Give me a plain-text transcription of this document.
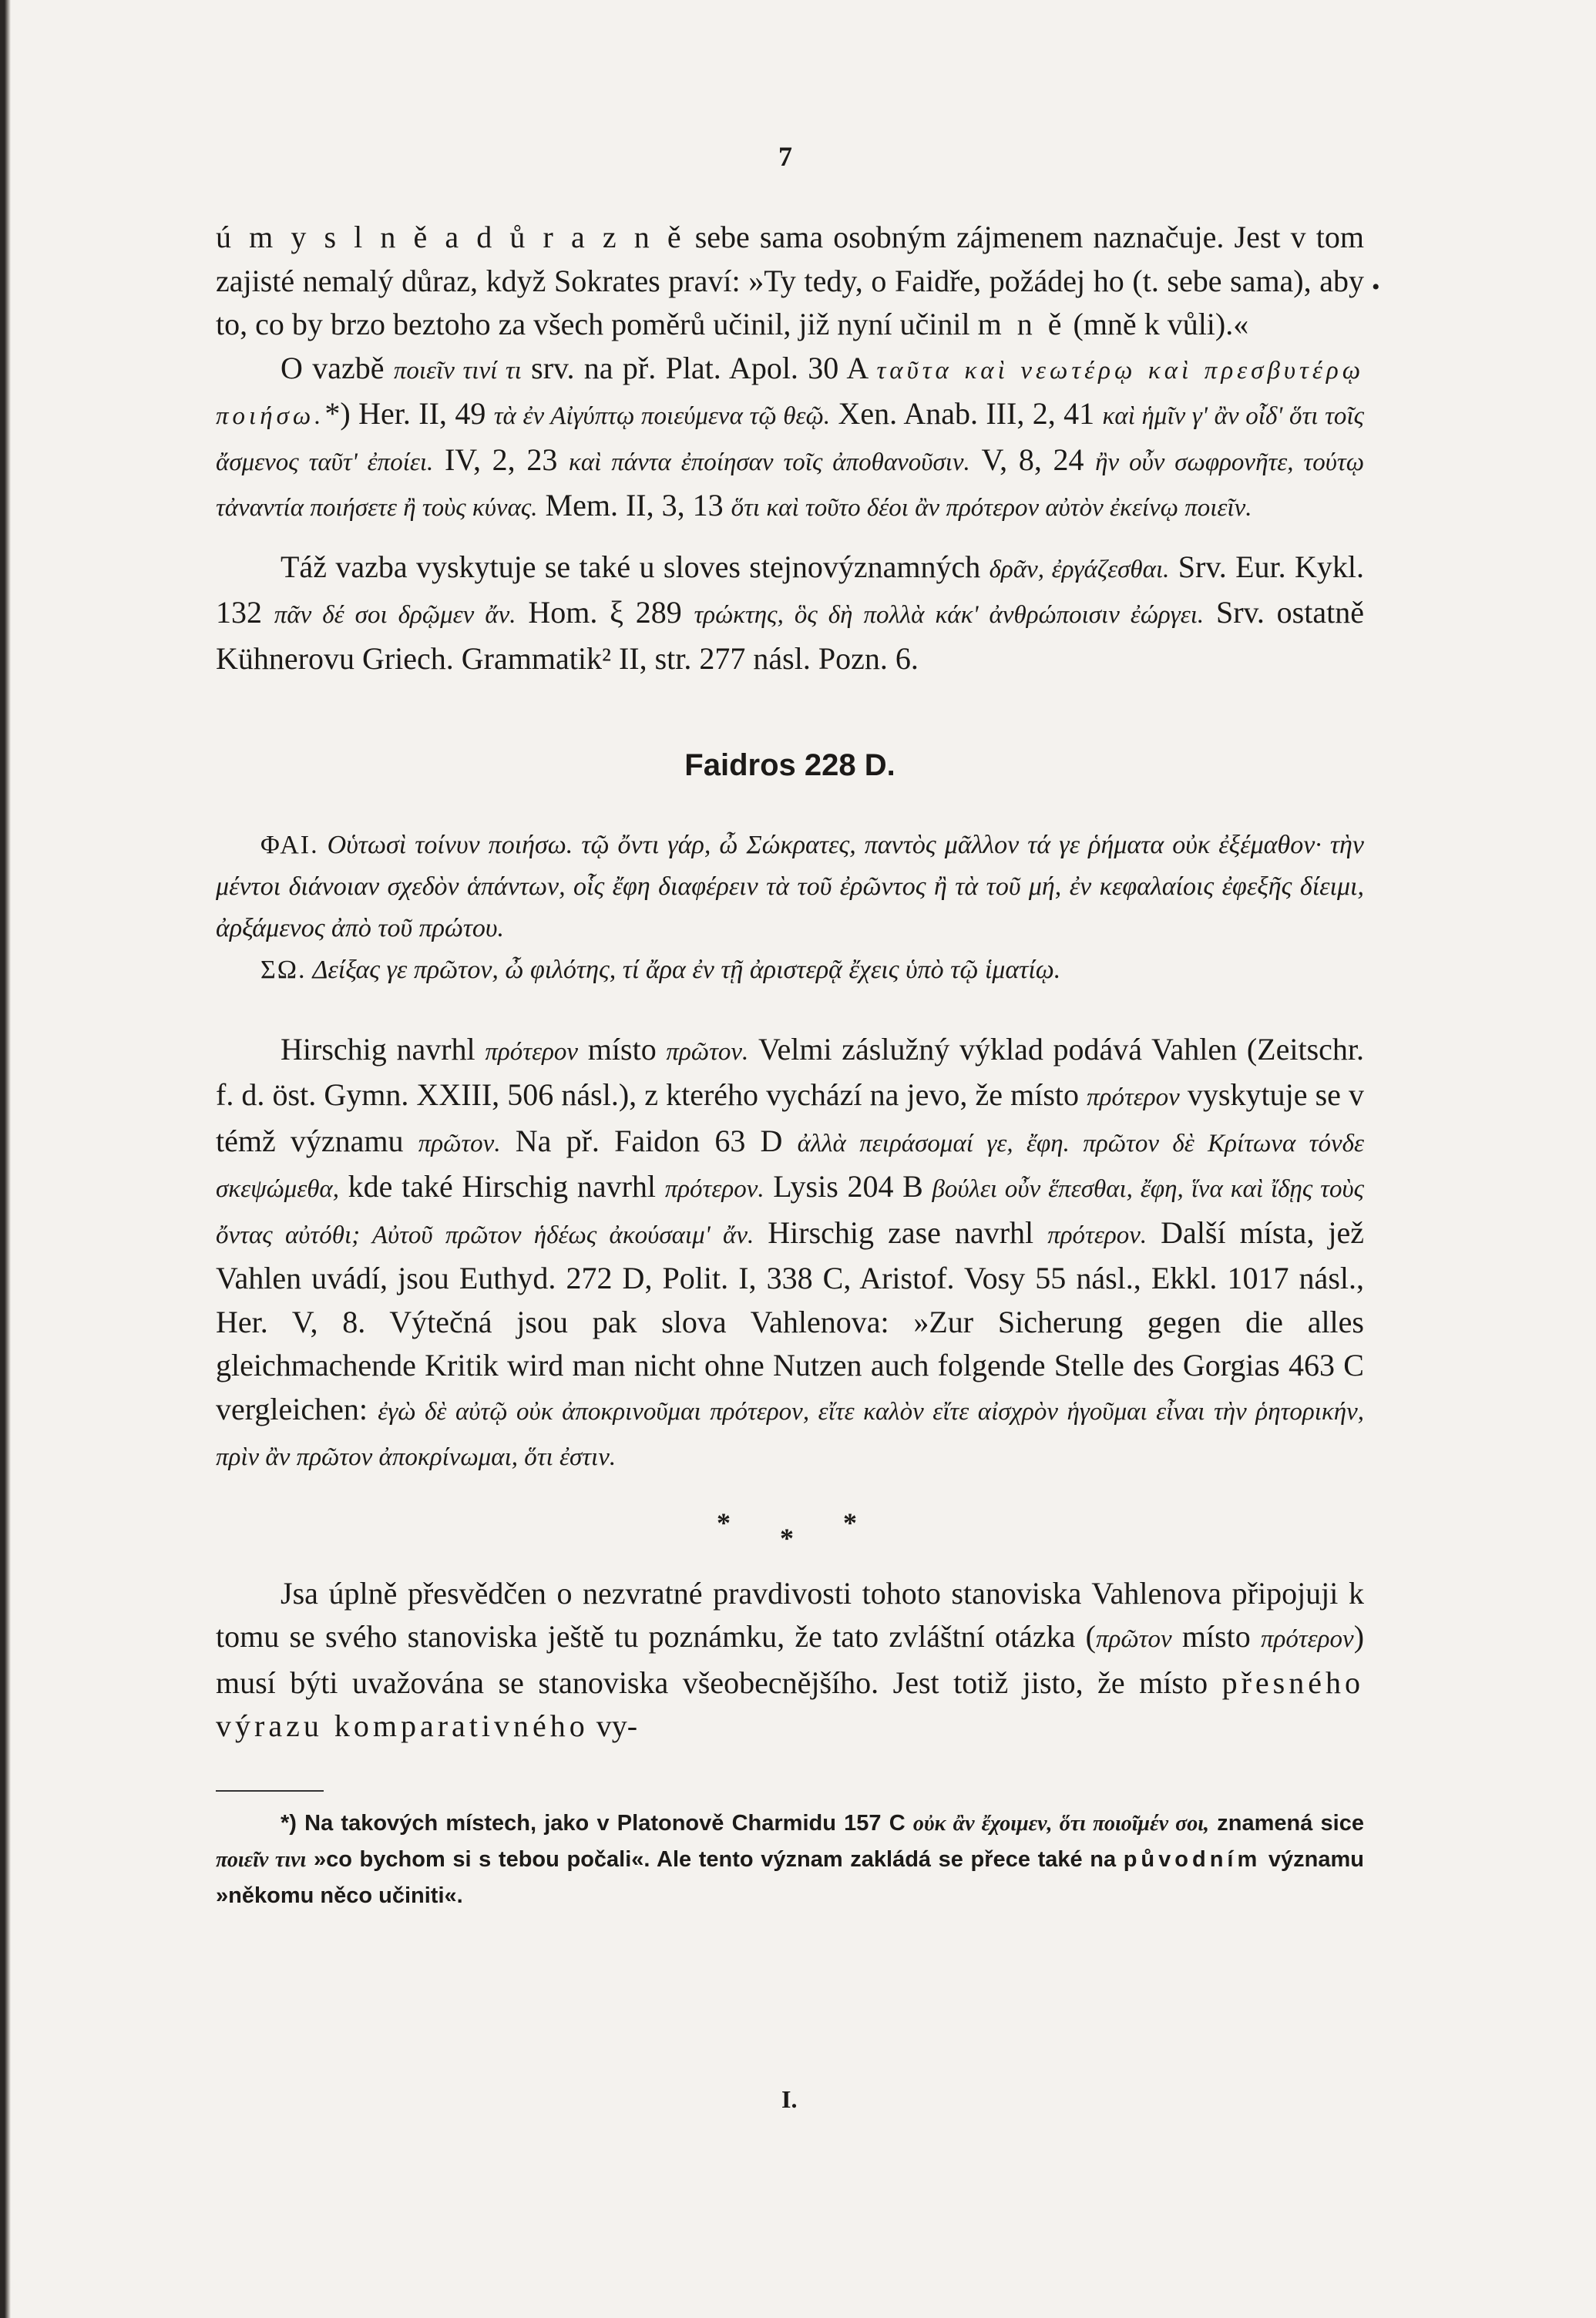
7
•

ú m y s l n ě a d ů r a z n ě sebe sama osobným zájmenem naznačuje. Jest v tom zajisté nemalý důraz, když Sokrates praví: »Ty tedy, o Faidře, požádej ho (t. sebe sama), aby to, co by brzo beztoho za všech poměrů učinil, již nyní učinil m n ě (mně k vůli).«

O vazbě ποιεῖν τινί τι srv. na př. Plat. Apol. 30 A ταῦτα καὶ νεωτέρῳ καὶ πρεσβυτέρῳ ποιήσω.*) Her. II, 49 τὰ ἐν Αἰγύπτῳ ποιεύμενα τῷ θεῷ. Xen. Anab. III, 2, 41 καὶ ἡμῖν γ' ἂν οἶδ' ὅτι τοῖς ἄσμενος ταῦτ' ἐποίει. IV, 2, 23 καὶ πάντα ἐποίησαν τοῖς ἀποθανοῦσιν. V, 8, 24 ἢν οὖν σωφρονῆτε, τούτῳ τἀναντία ποιήσετε ἢ τοὺς κύνας. Mem. II, 3, 13 ὅτι καὶ τοῦτο δέοι ἂν πρότερον αὐτὸν ἐκείνῳ ποιεῖν.

Táž vazba vyskytuje se také u sloves stejnovýznamných δρᾶν, ἐργάζεσθαι. Srv. Eur. Kykl. 132 πᾶν δέ σοι δρῷμεν ἄν. Hom. ξ 289 τρώκτης, ὃς δὴ πολλὰ κάκ' ἀνθρώποισιν ἐώργει. Srv. ostatně Kühnerovu Griech. Grammatik² II, str. 277 násl. Pozn. 6.

Faidros 228 D.

ΦΑΙ. Οὑτωσὶ τοίνυν ποιήσω. τῷ ὄντι γάρ, ὦ Σώκρατες, παντὸς μᾶλλον τά γε ῥήματα οὐκ ἐξέμαθον· τὴν μέντοι διάνοιαν σχεδὸν ἁπάντων, οἷς ἔφη διαφέρειν τὰ τοῦ ἐρῶντος ἢ τὰ τοῦ μή, ἐν κεφαλαίοις ἐφεξῆς δίειμι, ἀρξάμενος ἀπὸ τοῦ πρώτου.

ΣΩ. Δείξας γε πρῶτον, ὦ φιλότης, τί ἄρα ἐν τῇ ἀριστερᾷ ἔχεις ὑπὸ τῷ ἱματίῳ.

Hirschig navrhl πρότερον místo πρῶτον. Velmi záslužný výklad podává Vahlen (Zeitschr. f. d. öst. Gymn. XXIII, 506 násl.), z kterého vychází na jevo, že místo πρότερον vyskytuje se v témž významu πρῶτον. Na př. Faidon 63 D ἀλλὰ πειράσομαί γε, ἔφη. πρῶτον δὲ Κρίτωνα τόνδε σκεψώμεθα, kde také Hirschig navrhl πρότερον. Lysis 204 B βούλει οὖν ἕπεσθαι, ἔφη, ἵνα καὶ ἴδῃς τοὺς ὄντας αὐτόθι; Αὐτοῦ πρῶτον ἡδέως ἀκούσαιμ' ἄν. Hirschig zase navrhl πρότερον. Další místa, jež Vahlen uvádí, jsou Euthyd. 272 D, Polit. I, 338 C, Aristof. Vosy 55 násl., Ekkl. 1017 násl., Her. V, 8. Výtečná jsou pak slova Vahlenova: »Zur Sicherung gegen die alles gleichmachende Kritik wird man nicht ohne Nutzen auch folgende Stelle des Gorgias 463 C vergleichen: ἐγὼ δὲ αὐτῷ οὐκ ἀποκρινοῦμαι πρότερον, εἴτε καλὸν εἴτε αἰσχρὸν ἡγοῦμαι εἶναι τὴν ῥητορικήν, πρὶν ἂν πρῶτον ἀποκρίνωμαι, ὅτι ἐστιν.

* * *

Jsa úplně přesvědčen o nezvratné pravdivosti tohoto stanoviska Vahlenova připojuji k tomu se svého stanoviska ještě tu poznámku, že tato zvláštní otázka (πρῶτον místo πρότερον) musí býti uvažována se stanoviska všeobecnějšího. Jest totiž jisto, že místo přesného výrazu komparativného vy-

*) Na takových místech, jako v Platonově Charmidu 157 C οὐκ ἂν ἔχοιμεν, ὅτι ποιοῖμέν σοι, znamená sice ποιεῖν τινι »co bychom si s tebou počali«. Ale tento význam zakládá se přece také na původním významu »někomu něco učiniti«.

I.
